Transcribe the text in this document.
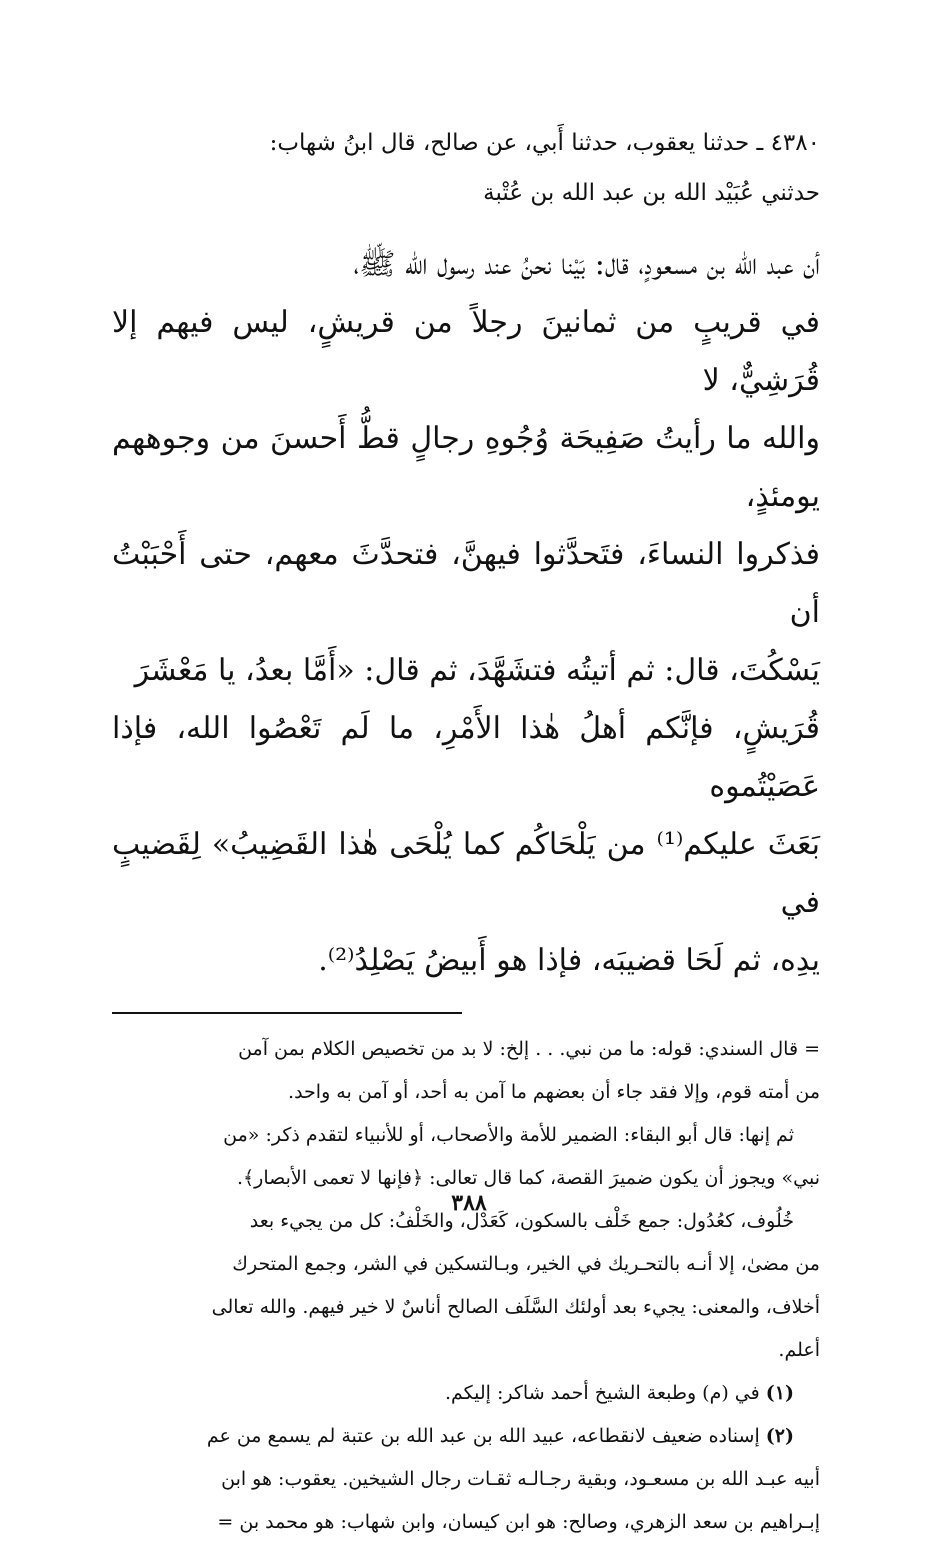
٤٣٨٠ ـ حدثنا يعقوب، حدثنا أَبي، عن صالح، قال ابنُ شهاب:

حدثني عُبَيْد الله بن عبد الله بن عُتْبة

أن عبد الله بن مسعودٍ، قال: بَيْنا نحنُ عند رسول الله ﷺ،

في قريبٍ من ثمانينَ رجلاً من قريشٍ، ليس فيهم إلا قُرَشِيٌّ، لا

والله ما رأيتُ صَفِيحَة وُجُوهِ رجالٍ قطُّ أَحسنَ من وجوههم يومئذٍ،

فذكروا النساءَ، فتَحدَّثوا فيهنَّ، فتحدَّثَ معهم، حتى أَحْبَبْتُ أن

يَسْكُتَ، قال: ثم أتيتُه فتشَهَّدَ، ثم قال: «أَمَّا بعدُ، يا مَعْشَرَ

قُرَيشٍ، فإنَّكم أهلُ هٰذا الأَمْرِ، ما لَم تَعْصُوا الله، فإذا عَصَيْتُموه

بَعَثَ عليكم⁽¹⁾ من يَلْحَاكُم كما يُلْحَى هٰذا القَضِيبُ» لِقَضيبٍ في

يدِه، ثم لَحَا قضيبَه، فإذا هو أَبيضُ يَصْلِدُ⁽²⁾.

= قال السندي: قوله: ما من نبي. . . إلخ: لا بد من تخصيص الكلام بمن آمن

من أمته قوم، وإلا فقد جاء أن بعضهم ما آمن به أحد، أو آمن به واحد.

ثم إنها: قال أبو البقاء: الضمير للأمة والأصحاب، أو للأنبياء لتقدم ذكر: «من

نبي» ويجوز أن يكون ضميرَ القصة، كما قال تعالى: ﴿فإنها لا تعمى الأبصار﴾.

خُلُوف، كعُدُول: جمع خَلْف بالسكون، كَعَدْل، والخَلْفُ: كل من يجيء بعد

من مضىٰ، إلا أنـه بالتحـريك في الخير، وبـالتسكين في الشر، وجمع المتحرك

أخلاف، والمعنى: يجيء بعد أولئك السَّلَف الصالح أناسٌ لا خير فيهم. والله تعالى

أعلم.

(١) في (م) وطبعة الشيخ أحمد شاكر: إليكم.

(٢) إسناده ضعيف لانقطاعه، عبيد الله بن عبد الله بن عتبة لم يسمع من عم

أبيه عبـد الله بن مسعـود، وبقية رجـالـه ثقـات رجال الشيخين. يعقوب: هو ابن

إبـراهيم بن سعد الزهري، وصالح: هو ابن كيسان، وابن شهاب: هو محمد بن =

٣٨٨
